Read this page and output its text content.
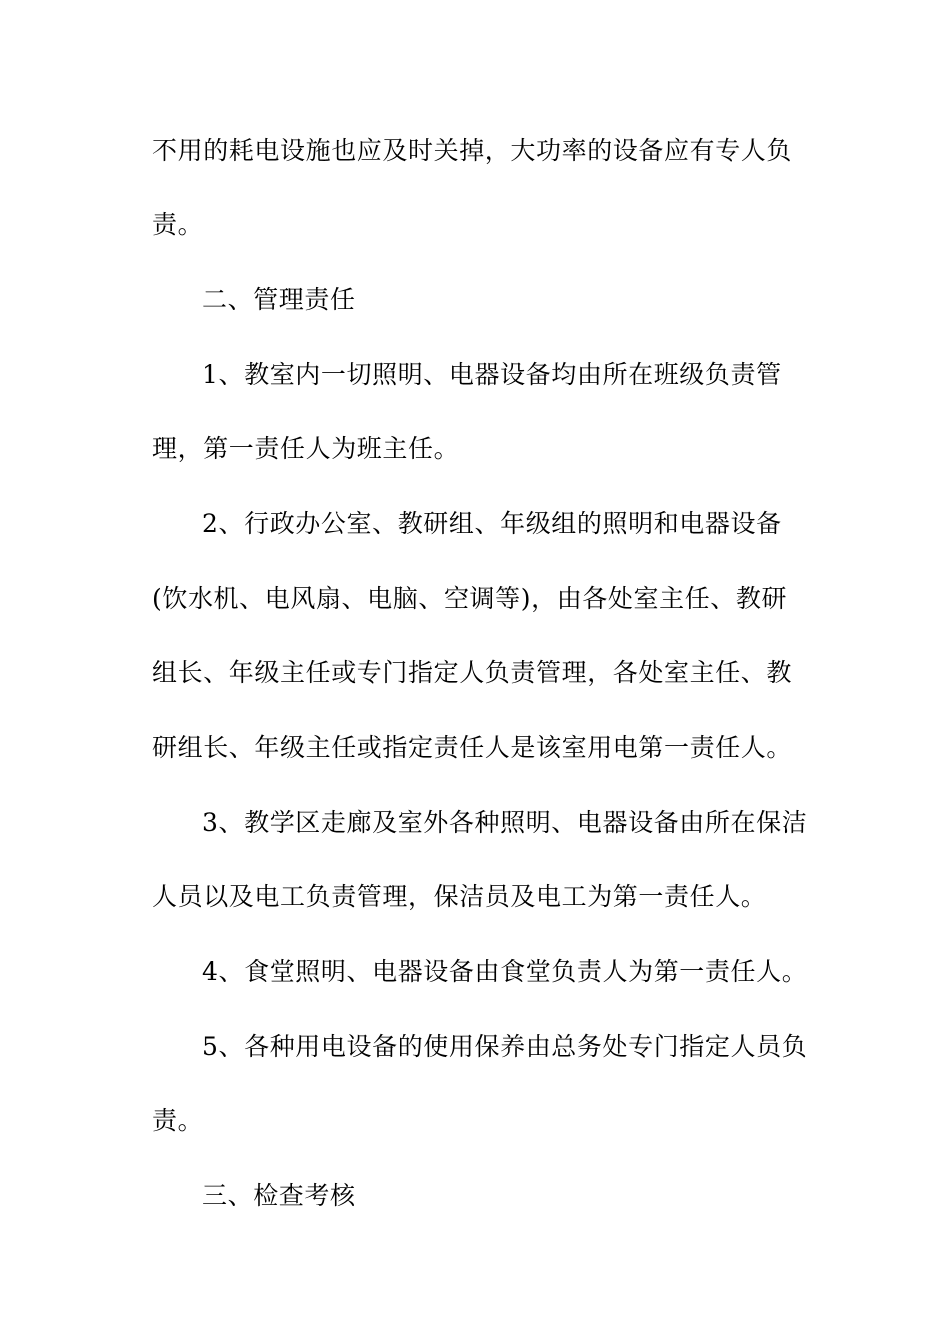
不用的耗电设施也应及时关掉，大功率的设备应有专人负
责。
二、管理责任
1、教室内一切照明、电器设备均由所在班级负责管
理，第一责任人为班主任。
2、行政办公室、教研组、年级组的照明和电器设备
(饮水机、电风扇、电脑、空调等)，由各处室主任、教研
组长、年级主任或专门指定人负责管理，各处室主任、教
研组长、年级主任或指定责任人是该室用电第一责任人。
3、教学区走廊及室外各种照明、电器设备由所在保洁
人员以及电工负责管理，保洁员及电工为第一责任人。
4、食堂照明、电器设备由食堂负责人为第一责任人。
5、各种用电设备的使用保养由总务处专门指定人员负
责。
三、检查考核
